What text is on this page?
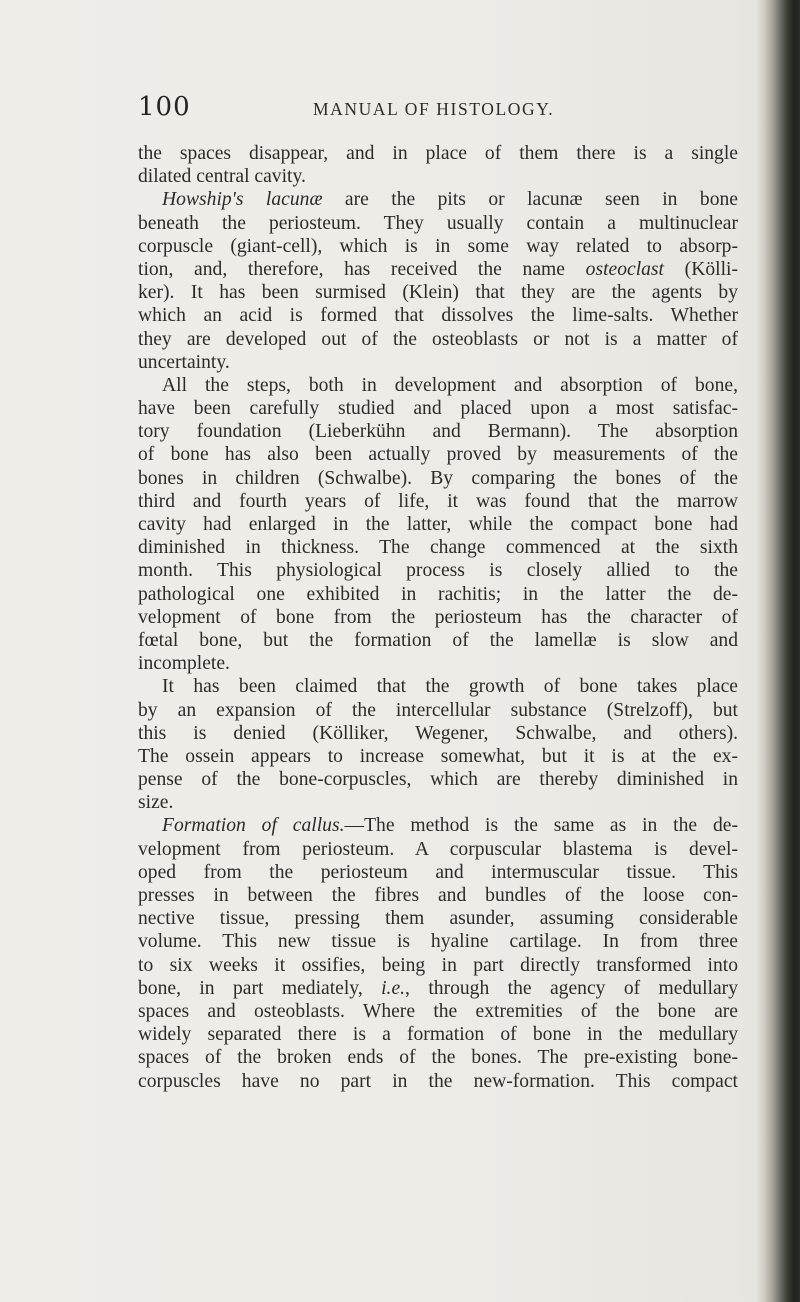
100	MANUAL OF HISTOLOGY.
the spaces disappear, and in place of them there is a single
dilated central cavity.
Howship's lacunæ are the pits or lacunæ seen in bone
beneath the periosteum. They usually contain a multinuclear
corpuscle (giant-cell), which is in some way related to absorp-
tion, and, therefore, has received the name osteoclast (Kölli-
ker). It has been surmised (Klein) that they are the agents by
which an acid is formed that dissolves the lime-salts. Whether
they are developed out of the osteoblasts or not is a matter of
uncertainty.
All the steps, both in development and absorption of bone,
have been carefully studied and placed upon a most satisfac-
tory foundation (Lieberkühn and Bermann). The absorption
of bone has also been actually proved by measurements of the
bones in children (Schwalbe). By comparing the bones of the
third and fourth years of life, it was found that the marrow
cavity had enlarged in the latter, while the compact bone had
diminished in thickness. The change commenced at the sixth
month. This physiological process is closely allied to the
pathological one exhibited in rachitis; in the latter the de-
velopment of bone from the periosteum has the character of
fœtal bone, but the formation of the lamellæ is slow and
incomplete.
It has been claimed that the growth of bone takes place
by an expansion of the intercellular substance (Strelzoff), but
this is denied (Kölliker, Wegener, Schwalbe, and others).
The ossein appears to increase somewhat, but it is at the ex-
pense of the bone-corpuscles, which are thereby diminished in
size.
Formation of callus.—The method is the same as in the de-
velopment from periosteum. A corpuscular blastema is devel-
oped from the periosteum and intermuscular tissue. This
presses in between the fibres and bundles of the loose con-
nective tissue, pressing them asunder, assuming considerable
volume. This new tissue is hyaline cartilage. In from three
to six weeks it ossifies, being in part directly transformed into
bone, in part mediately, i.e., through the agency of medullary
spaces and osteoblasts. Where the extremities of the bone are
widely separated there is a formation of bone in the medullary
spaces of the broken ends of the bones. The pre-existing bone-
corpuscles have no part in the new-formation. This compact
